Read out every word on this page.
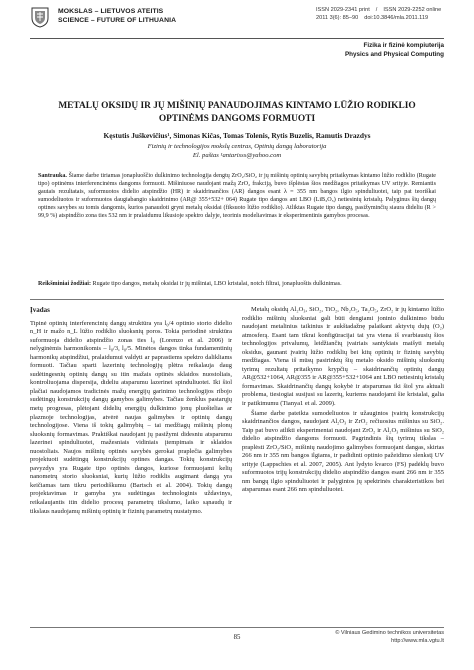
MOKSLAS – LIETUVOS ATEITIS
SCIENCE – FUTURE OF LITHUANIA
ISSN 2029-2341 print / ISSN 2029-2252 online
2011 3(6): 85–90 doi:10.3846/mla.2011.119
Fizika ir fizinė kompiuterija
Physics and Physical Computing
METALŲ OKSIDŲ IR JŲ MIŠINIŲ PANAUDOJIMAS KINTAMO LŪŽIO RODIKLIO
OPTINĖMS DANGOMS FORMUOTI
Kęstutis Juškevičius¹, Simonas Kičas, Tomas Tolenis, Rytis Buzelis, Ramutis Drazdys
Fizinių ir technologijos mokslų centras, Optinių dangų laboratorija
El. paštas ¹antarisss@yahoo.com
Santrauka. Šiame darbe tiriamas jonapluoščio dulkinimo technologija dengtų ZrO₂/SiO₂ ir jų mišinių optinių savybių pritaikymas kintamo lūžio rodiklio (Rugate tipo) optinėms interferencinėms dangoms formuoti. Mišiniuose naudojant mažą ZrO₂ frakciją, buvo išplėstas šios medžiagos pritaikymas UV srityje. Remiantis gautais rezultatais, suformuotos didelio atspindžio (HR) ir skaidrinančios (AR) dangos esant λ = 355 nm bangos ilgio spinduliuotei, taip pat teoriškai sumodeliuotos ir suformuotos daugiabangio skaidrinimo (AR@ 355+532+ 064) Rugate tipo dangos ant LBO (LiB₃O₅) netiesinių kristalų. Palyginus šių dangų optines savybes su tomis dangomis, kurios panaudoti gryni metalų oksidai (fiksuoto lūžio rodiklio). Atliktas Rugate tipo dangų, pasižyminčių siaura dideliu (R > 99,9 %) atspindžio zona ties 532 nm ir pralaidumu likusioje spektro dalyje, teorinis modeliavimas ir eksperimentinis gamybos procesas.
Reikšminiai žodžiai: Rugate tipo dangos, metalų oksidai ir jų mišiniai, LBO kristalai, notch filtrai, jonapluoštis dulkinimas.
Įvadas

Tipinė optinių interferencinių dangų struktūra yra l₀/4 optinio storio didelio n_H ir mažo n_L lūžio rodiklio sluoksnių poros. Tokia periodinė struktūra suformuoja didelio atspindžio zonas ties l₀ (Lorenzo et al. 2006) ir nelyginėmis harmonikomis – l₀/3, l₀/5. Minėtos dangos tinka fundamentinių harmonikų atspindžiui, pralaidumui valdyti ar paprastiems spektro dalikliams formuoti. Tačiau sparti lazerinių technologijų plėtra reikalauja daug sudėtingesnių optinių dangų su itin mažais optinės sklaidos nuostoliais, kontroliuojama dispersija, dideliu atsparumu lazerinei spinduliuotei. Iki šiol plačiai naudojamos tradicinės mažų energijų garinimo technologijos ribojo sudėtingų konstrukcijų dangų gamybos galimybes. Tačiau ženklus pastarųjų metų progresas, plėtojant didelių energijų dulkinimo jonų pluoštelias ar plazmoje technologijas, atvėrė naujas galimybes ir optinių dangų technologijose. Viena iš tokių galimybių – tai medžiagų mišinių plonų sluoksnių formavimas. Praktiškai naudojant jų pasižymi didesniu atsparumu lazerinei spinduliuotei, mažesniais vidiniais įtempimais ir sklaidos nuostoliais. Naujos mišinių optinės savybės gerokai praplečia galimybes projektuoti sudėtingų konstrukcijų optines dangas. Tokių konstrukcijų pavyzdys yra Rugate tipo optinės dangos, kuriose formuojami kelių nanometrų storio sluoksniai, kurių lūžio rodiklis augimant dangą yra keičiamas tam tikru periodiškumu (Bartsch et al. 2004). Tokių dangų projektavimas ir gamyba yra sudėtingas technologinis uždavinys, reikalaujantis itin didelio procesų parametrų tikslumo, laiko sąnaudų ir tikslaus naudojamų mišinių optinių ir fizinių parametrų nustatymo.

Metalų oksidų Al₂O₃, SiO₂, TiO₂, Nb₂O₅, Ta₂O₅, ZrO₂ ir jų kintamo lūžio rodiklio mišinių sluoksniai gali būti dengiami joninio dulkinimo būdu naudojant metalinius taikinius ir aukštadažnę palaikant aktyvių dujų (O₂) atmosferą. Esant tam tikrai konfigūracijai tai yra viena iš svarbiausių šios technologijos privalumų, leidžiančių įvairiais santykiais maišyti metalų oksidus, gaunant įvairių lūžio rodiklių bei kitų optinių ir fizinių savybių medžiagas. Viena iš mūsų pasirinktų šių metalo oksido mišinių sluoksnių tyrimų rezultatų pritaikymo krypčių – skaidrinančių optinių dangų AR@532+1064, AR@355 ir AR@355+532+1064 ant LBO netiesinių kristalų formavimas. Skaidrinančių dangų kokybė ir atsparumas iki šiol yra aktuali problema, tiesiogiai susijusi su lazerių, kuriems naudojami šie kristalai, galia ir patikimumu (Tianya1 et al. 2009).

Šiame darbe pateikta sumodeliuotos ir užaugintos įvairių konstrukcijų skaidrinančios dangos, naudojant Al₂O₃ ir ZrO₂ rečiuosius mišinius su SiO₂. Taip pat buvo atlikti eksperimentai naudojant ZrO₂ ir Al₂O₃ mišinius su SiO₂ didelio atspindžio dangoms formuoti. Pagrindinis šių tyrimų tikslas – praplėsti ZrO₂/SiO₂ mišinių naudojimo galimybes formuojant dangas, skirtas 266 nm ir 355 nm bangos ilgiams, ir padidinti optinio pažeidimo slenkstį UV srityje (Lappschies et al. 2007, 2005). Ant lydyto kvarco (FS) padėklų buvo suformuotos trijų konstrukcijų didelio atspindžio dangos esant 266 nm ir 355 nm bangų ilgio spinduliuotei ir palygintos jų spektrinės charakteristikos bei atsparumas esant 266 nm spinduliuotei.

85
© Vilniaus Gedimino technikos universitetas
http://www.mla.vgtu.lt
